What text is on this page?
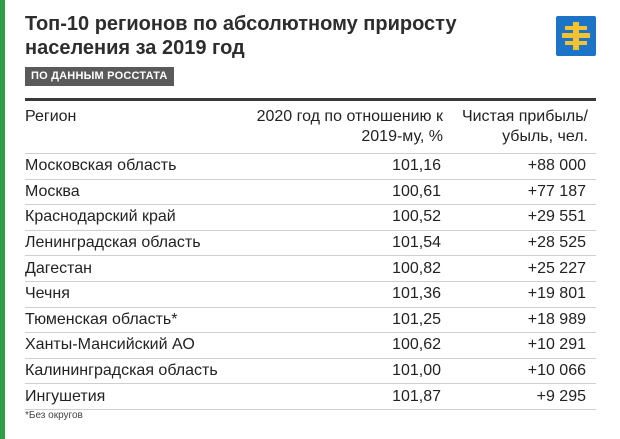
Топ-10 регионов по абсолютному приросту населения за 2019 год
ПО ДАННЫМ РОССТАТА
Регион	2020 год по отношению к 2019-му, %	Чистая прибыль/ убыль, чел.
Московская область	101,16	+88 000
Москва	100,61	+77 187
Краснодарский край	100,52	+29 551
Ленинградская область	101,54	+28 525
Дагестан	100,82	+25 227
Чечня	101,36	+19 801
Тюменская область*	101,25	+18 989
Ханты-Мансийский АО	100,62	+10 291
Калининградская область	101,00	+10 066
Ингушетия	101,87	+9 295
*Без округов
